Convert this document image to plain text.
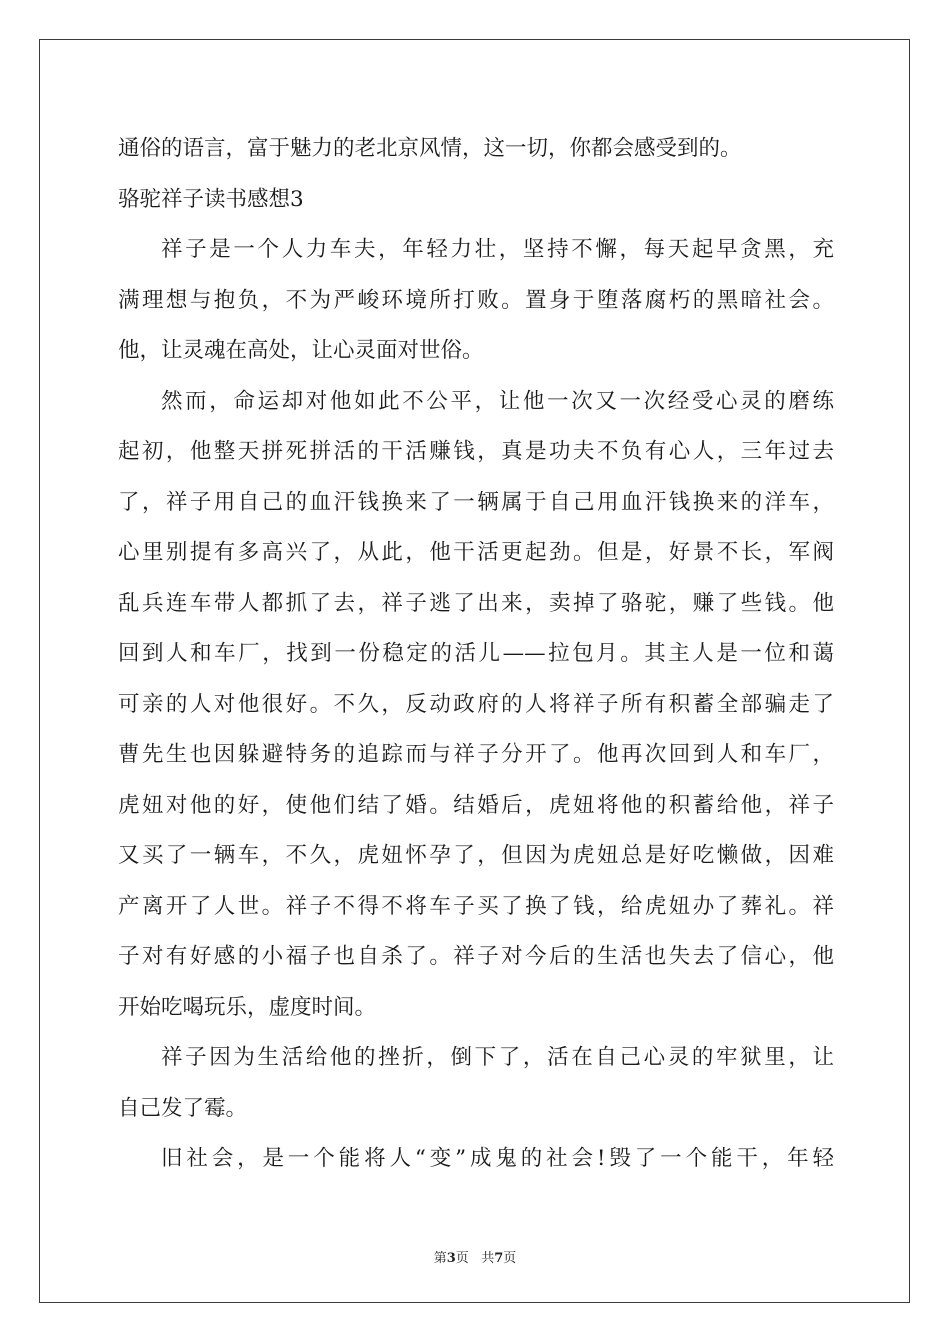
通俗的语言，富于魅力的老北京风情，这一切，你都会感受到的。

骆驼祥子读书感想3

祥子是一个人力车夫，年轻力壮，坚持不懈，每天起早贪黑，充

满理想与抱负，不为严峻环境所打败。置身于堕落腐朽的黑暗社会。

他，让灵魂在高处，让心灵面对世俗。

然而，命运却对他如此不公平，让他一次又一次经受心灵的磨练

起初，他整天拼死拼活的干活赚钱，真是功夫不负有心人，三年过去

了，祥子用自己的血汗钱换来了一辆属于自己用血汗钱换来的洋车，

心里别提有多高兴了，从此，他干活更起劲。但是，好景不长，军阀

乱兵连车带人都抓了去，祥子逃了出来，卖掉了骆驼，赚了些钱。他

回到人和车厂，找到一份稳定的活儿——拉包月。其主人是一位和蔼

可亲的人对他很好。不久，反动政府的人将祥子所有积蓄全部骗走了

曹先生也因躲避特务的追踪而与祥子分开了。他再次回到人和车厂，

虎妞对他的好，使他们结了婚。结婚后，虎妞将他的积蓄给他，祥子

又买了一辆车，不久，虎妞怀孕了，但因为虎妞总是好吃懒做，因难

产离开了人世。祥子不得不将车子买了换了钱，给虎妞办了葬礼。祥

子对有好感的小福子也自杀了。祥子对今后的生活也失去了信心，他

开始吃喝玩乐，虚度时间。

祥子因为生活给他的挫折，倒下了，活在自己心灵的牢狱里，让

自己发了霉。

旧社会，是一个能将人“变”成鬼的社会!毁了一个能干，年轻

第3页 共7页
